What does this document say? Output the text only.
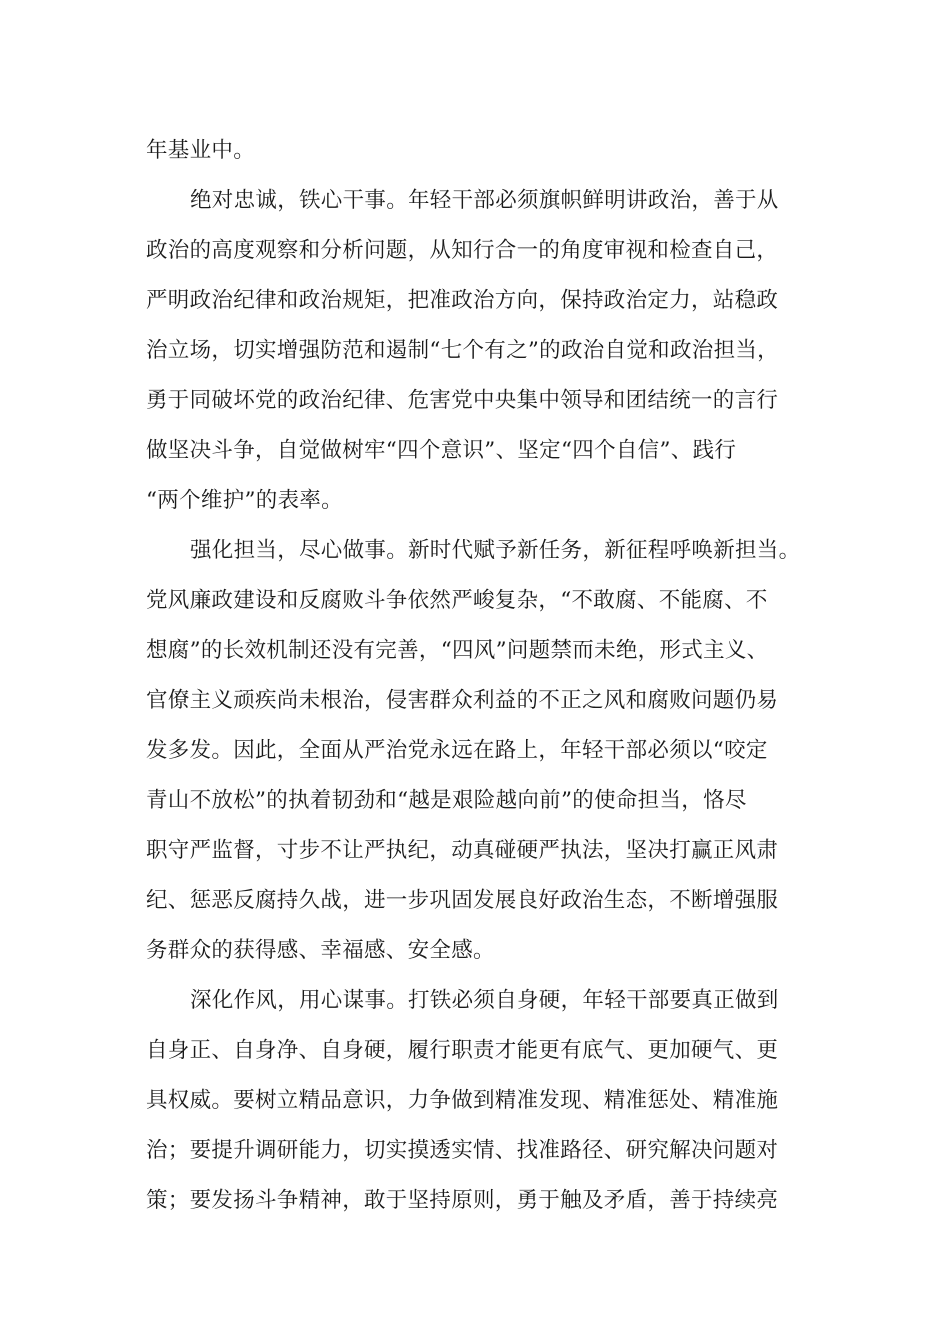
年基业中。
绝对忠诚，铁心干事。年轻干部必须旗帜鲜明讲政治，善于从
政治的高度观察和分析问题，从知行合一的角度审视和检查自己，
严明政治纪律和政治规矩，把准政治方向，保持政治定力，站稳政
治立场，切实增强防范和遏制“七个有之”的政治自觉和政治担当，
勇于同破坏党的政治纪律、危害党中央集中领导和团结统一的言行
做坚决斗争，自觉做树牢“四个意识”、坚定“四个自信”、践行
“两个维护”的表率。
强化担当，尽心做事。新时代赋予新任务，新征程呼唤新担当。
党风廉政建设和反腐败斗争依然严峻复杂，“不敢腐、不能腐、不
想腐”的长效机制还没有完善，“四风”问题禁而未绝，形式主义、
官僚主义顽疾尚未根治，侵害群众利益的不正之风和腐败问题仍易
发多发。因此，全面从严治党永远在路上，年轻干部必须以“咬定
青山不放松”的执着韧劲和“越是艰险越向前”的使命担当，恪尽
职守严监督，寸步不让严执纪，动真碰硬严执法，坚决打赢正风肃
纪、惩恶反腐持久战，进一步巩固发展良好政治生态，不断增强服
务群众的获得感、幸福感、安全感。
深化作风，用心谋事。打铁必须自身硬，年轻干部要真正做到
自身正、自身净、自身硬，履行职责才能更有底气、更加硬气、更
具权威。要树立精品意识，力争做到精准发现、精准惩处、精准施
治；要提升调研能力，切实摸透实情、找准路径、研究解决问题对
策；要发扬斗争精神，敢于坚持原则，勇于触及矛盾，善于持续亮
